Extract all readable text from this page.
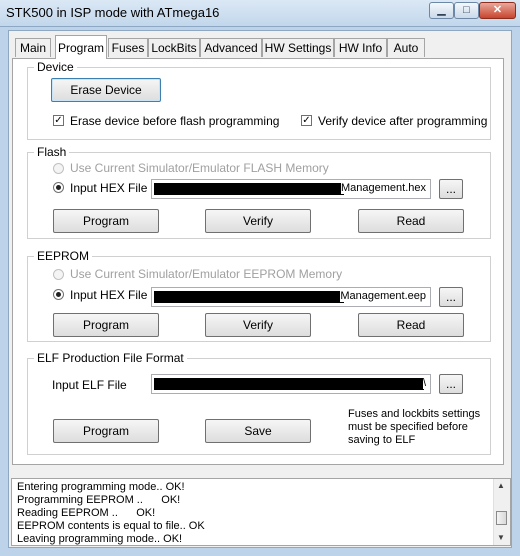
STK500 in ISP mode with ATmega16	▁ □ ✕
Main Program Fuses LockBits Advanced HW Settings HW Info Auto
Device
Erase Device
✓ Erase device before flash programming ✓ Verify device after programming
Flash
Use Current Simulator/Emulator FLASH Memory
Input HEX File	Management.hex	...
Program	Verify	Read
EEPROM
Use Current Simulator/Emulator EEPROM Memory
Input HEX File	Management.eep	...
Program	Verify	Read
ELF Production File Format
Input ELF File	\	...
Program	Save
Fuses and lockbits settings
must be specified before
saving to ELF
Entering programming mode.. OK!
Programming EEPROM ..      OK!
Reading EEPROM ..      OK!
EEPROM contents is equal to file.. OK
Leaving programming mode.. OK!
▲
▼
